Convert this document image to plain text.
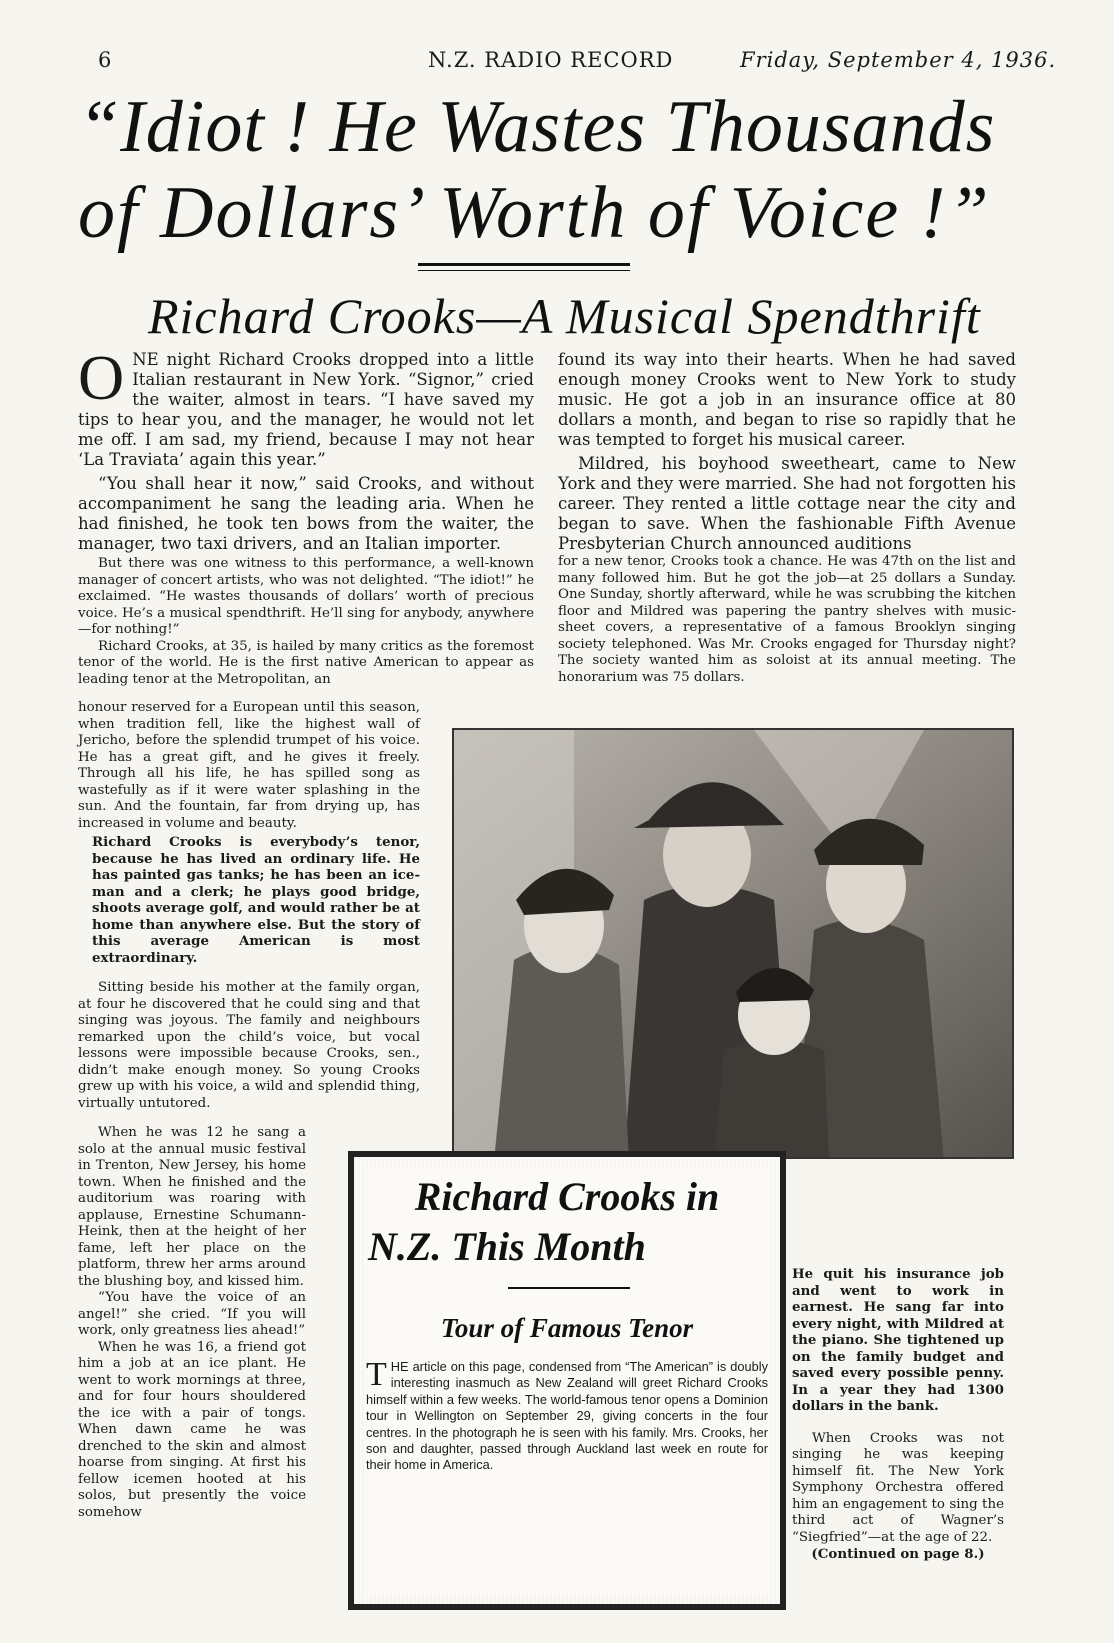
6	N.Z. RADIO RECORD	Friday, September 4, 1936.
“Idiot ! He Wastes Thousands
of Dollars’ Worth of Voice !”
Richard Crooks—A Musical Spendthrift

ONE night Richard Crooks dropped into a little Italian restaurant in New York. “Signor,” cried the waiter, almost in tears. “I have saved my tips to hear you, and the manager, he would not let me off. I am sad, my friend, because I may not hear ‘La Traviata’ again this year.”

“You shall hear it now,” said Crooks, and without accompaniment he sang the leading aria. When he had finished, he took ten bows from the waiter, the manager, two taxi drivers, and an Italian importer.

But there was one witness to this performance, a well-known manager of concert artists, who was not delighted. “The idiot!” he exclaimed. “He wastes thousands of dollars’ worth of precious voice. He’s a musical spendthrift. He’ll sing for anybody, anywhere—for nothing!”

Richard Crooks, at 35, is hailed by many critics as the foremost tenor of the world. He is the first native American to appear as leading tenor at the Metropolitan, an

honour reserved for a European until this season, when tradition fell, like the highest wall of Jericho, before the splendid trumpet of his voice. He has a great gift, and he gives it freely. Through all his life, he has spilled song as wastefully as if it were water splashing in the sun. And the fountain, far from drying up, has increased in volume and beauty.

Richard Crooks is everybody’s tenor, because he has lived an ordinary life. He has painted gas tanks; he has been an ice-man and a clerk; he plays good bridge, shoots average golf, and would rather be at home than anywhere else. But the story of this average American is most extraordinary.

Sitting beside his mother at the family organ, at four he discovered that he could sing and that singing was joyous. The family and neighbours remarked upon the child’s voice, but vocal lessons were impossible because Crooks, sen., didn’t make enough money. So young Crooks grew up with his voice, a wild and splendid thing, virtually untutored.

When he was 12 he sang a solo at the annual music festival in Trenton, New Jersey, his home town. When he finished and the auditorium was roaring with applause, Ernestine Schumann-Heink, then at the height of her fame, left her place on the platform, threw her arms around the blushing boy, and kissed him.

“You have the voice of an angel!” she cried. “If you will work, only greatness lies ahead!”

When he was 16, a friend got him a job at an ice plant. He went to work mornings at three, and for four hours shouldered the ice with a pair of tongs. When dawn came he was drenched to the skin and almost hoarse from singing. At first his fellow icemen hooted at his solos, but presently the voice somehow

found its way into their hearts. When he had saved enough money Crooks went to New York to study music. He got a job in an insurance office at 80 dollars a month, and began to rise so rapidly that he was tempted to forget his musical career.

Mildred, his boyhood sweetheart, came to New York and they were married. She had not forgotten his career. They rented a little cottage near the city and began to save. When the fashionable Fifth Avenue Presbyterian Church announced auditions

for a new tenor, Crooks took a chance. He was 47th on the list and many followed him. But he got the job—at 25 dollars a Sunday. One Sunday, shortly afterward, while he was scrubbing the kitchen floor and Mildred was papering the pantry shelves with music-sheet covers, a representative of a famous Brooklyn singing society telephoned. Was Mr. Crooks engaged for Thursday night? The society wanted him as soloist at its annual meeting. The honorarium was 75 dollars.

Richard Crooks in
N.Z. This Month
Tour of Famous Tenor

THE article on this page, condensed from “The American” is doubly interesting inasmuch as New Zealand will greet Richard Crooks himself within a few weeks. The world-famous tenor opens a Dominion tour in Wellington on September 29, giving concerts in the four centres. In the photograph he is seen with his family. Mrs. Crooks, her son and daughter, passed through Auckland last week en route for their home in America.

He quit his insurance job and went to work in earnest. He sang far into every night, with Mildred at the piano. She tightened up on the family budget and saved every possible penny. In a year they had 1300 dollars in the bank.

When Crooks was not singing he was keeping himself fit. The New York Symphony Orchestra offered him an engagement to sing the third act of Wagner’s “Siegfried”—at the age of 22.

(Continued on page 8.)
